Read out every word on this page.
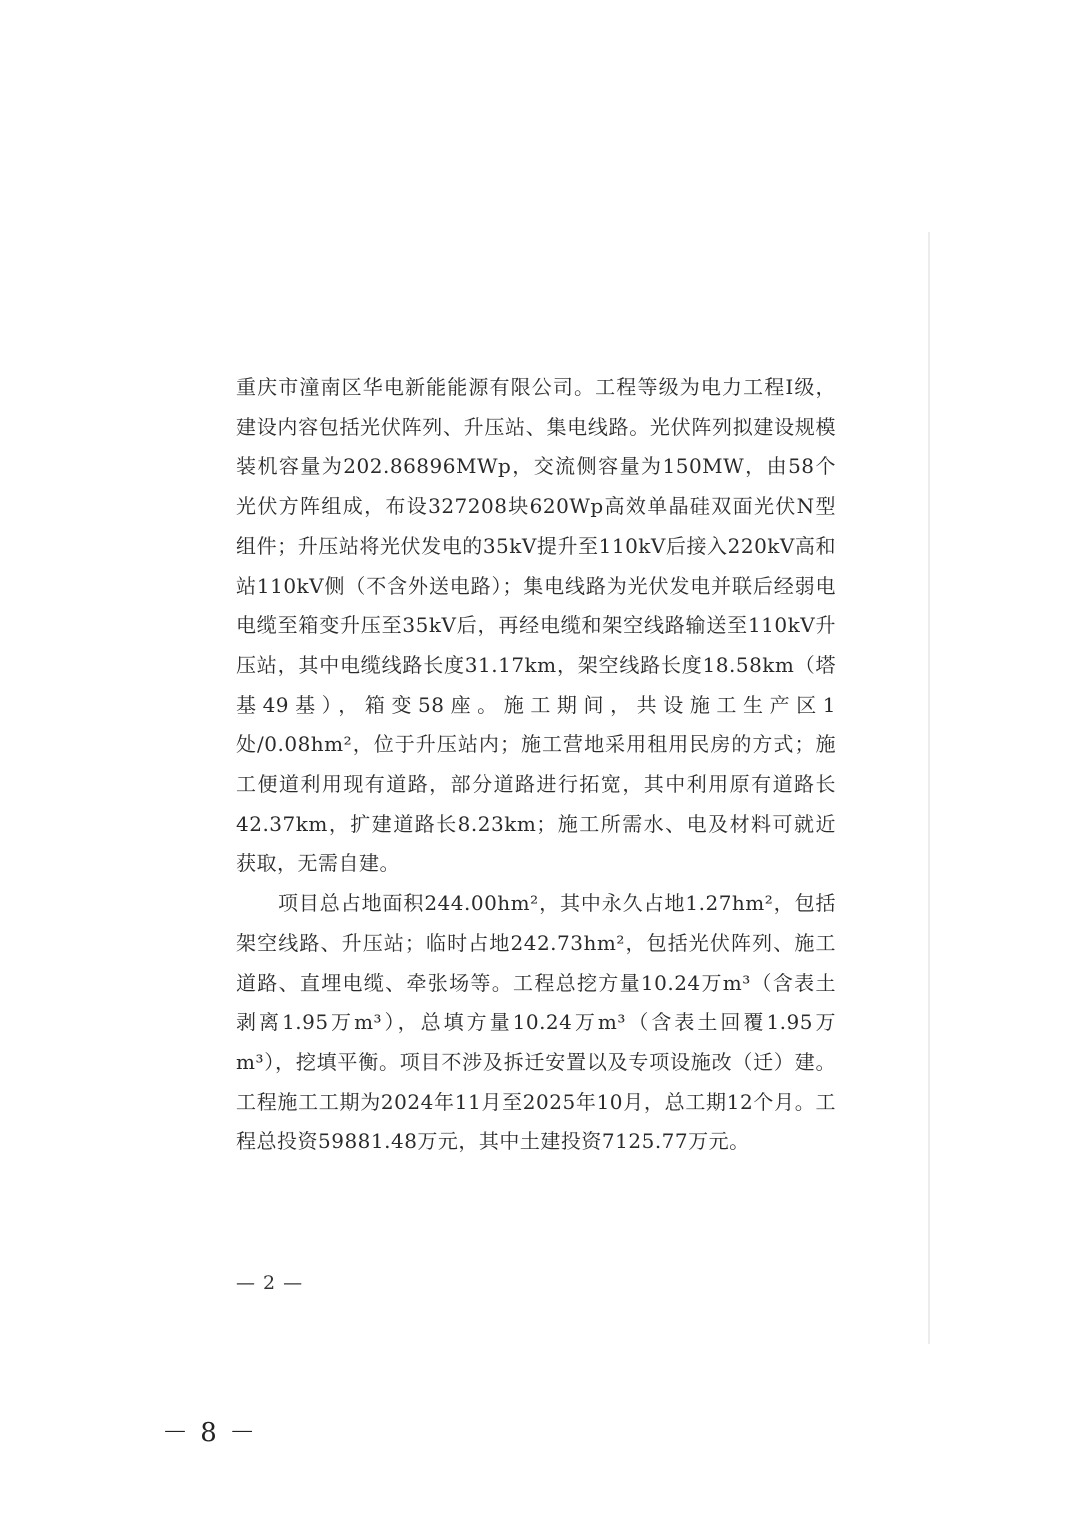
重庆市潼南区华电新能能源有限公司。工程等级为电力工程Ⅰ级，建设内容包括光伏阵列、升压站、集电线路。光伏阵列拟建设规模装机容量为202.86896MWp，交流侧容量为150MW，由58个光伏方阵组成，布设327208块620Wp高效单晶硅双面光伏N型组件；升压站将光伏发电的35kV提升至110kV后接入220kV高和站110kV侧（不含外送电路）；集电线路为光伏发电并联后经弱电电缆至箱变升压至35kV后，再经电缆和架空线路输送至110kV升压站，其中电缆线路长度31.17km，架空线路长度18.58km（塔基49基），箱变58座。施工期间，共设施工生产区1处/0.08hm²，位于升压站内；施工营地采用租用民房的方式；施工便道利用现有道路，部分道路进行拓宽，其中利用原有道路长42.37km，扩建道路长8.23km；施工所需水、电及材料可就近获取，无需自建。

项目总占地面积244.00hm²，其中永久占地1.27hm²，包括架空线路、升压站；临时占地242.73hm²，包括光伏阵列、施工道路、直埋电缆、牵张场等。工程总挖方量10.24万m³（含表土剥离1.95万m³），总填方量10.24万m³（含表土回覆1.95万m³），挖填平衡。项目不涉及拆迁安置以及专项设施改（迁）建。工程施工工期为2024年11月至2025年10月，总工期12个月。工程总投资59881.48万元，其中土建投资7125.77万元。

— 2 —
－ 8 －
